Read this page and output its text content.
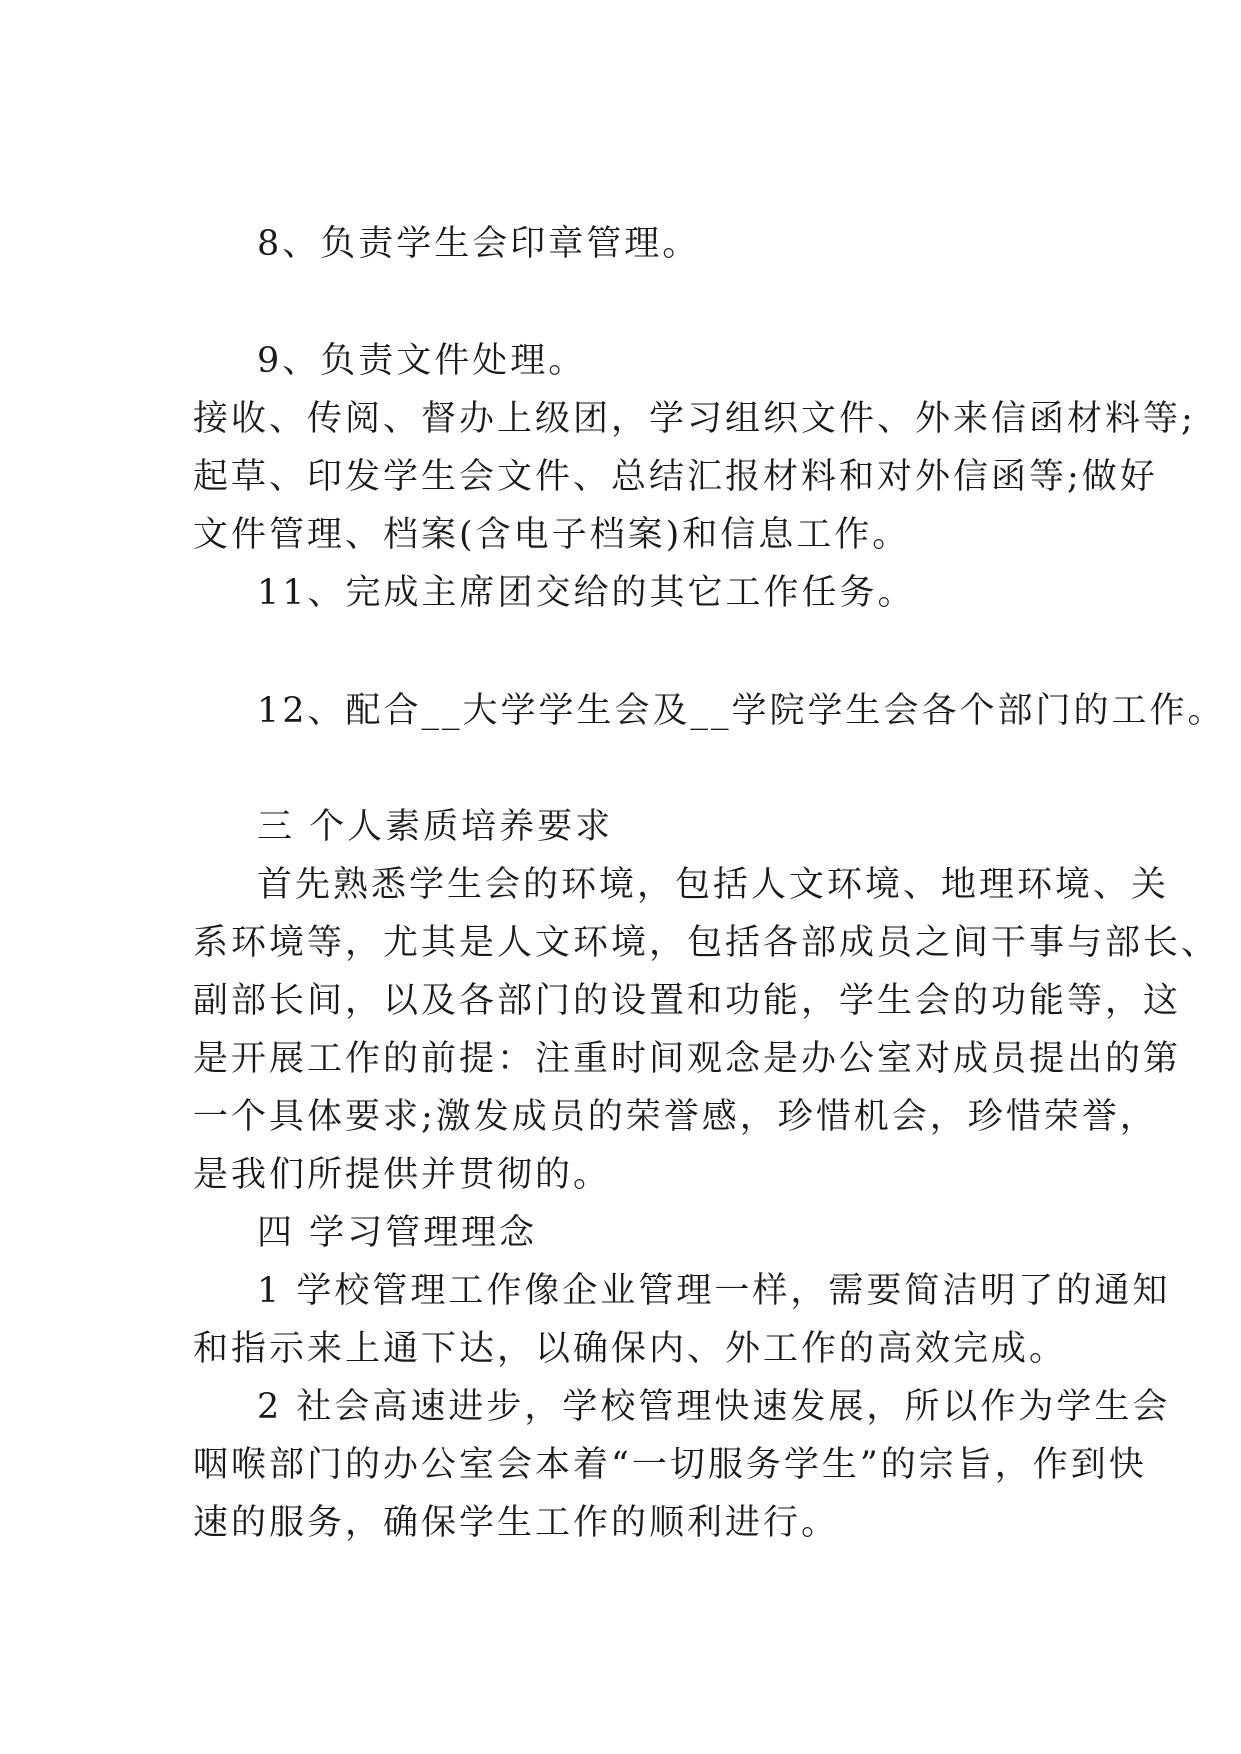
8、负责学生会印章管理。
9、负责文件处理。
接收、传阅、督办上级团，学习组织文件、外来信函材料等;
起草、印发学生会文件、总结汇报材料和对外信函等;做好
文件管理、档案(含电子档案)和信息工作。
11、完成主席团交给的其它工作任务。
12、配合__大学学生会及__学院学生会各个部门的工作。
三 个人素质培养要求
首先熟悉学生会的环境，包括人文环境、地理环境、关
系环境等，尤其是人文环境，包括各部成员之间干事与部长、
副部长间，以及各部门的设置和功能，学生会的功能等，这
是开展工作的前提：注重时间观念是办公室对成员提出的第
一个具体要求;激发成员的荣誉感，珍惜机会，珍惜荣誉，
是我们所提供并贯彻的。
四 学习管理理念
1 学校管理工作像企业管理一样，需要简洁明了的通知
和指示来上通下达，以确保内、外工作的高效完成。
2 社会高速进步，学校管理快速发展，所以作为学生会
咽喉部门的办公室会本着“一切服务学生”的宗旨，作到快
速的服务，确保学生工作的顺利进行。
